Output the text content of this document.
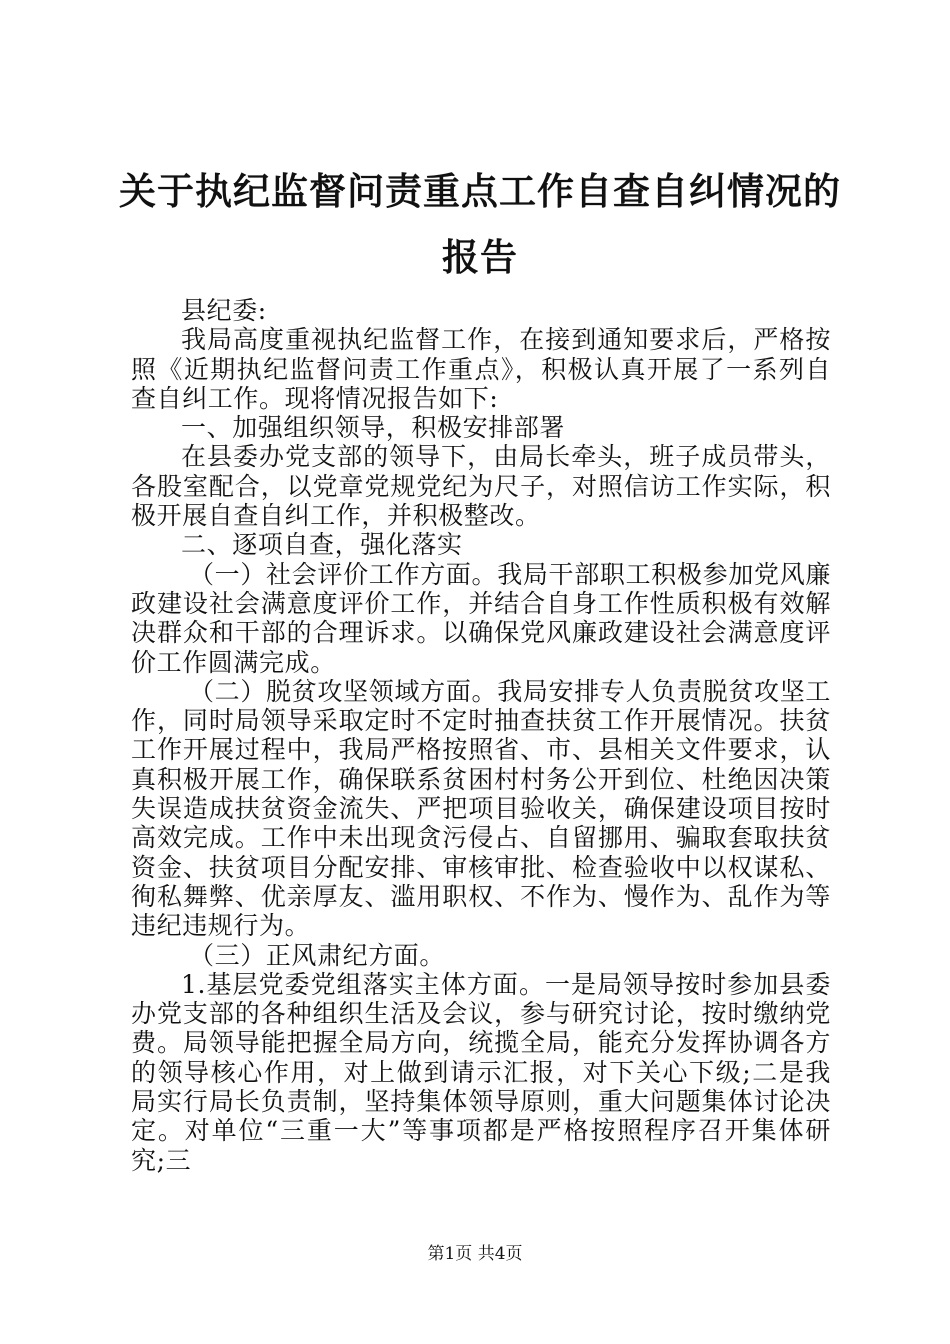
关于执纪监督问责重点工作自查自纠情况的报告

县纪委:

我局高度重视执纪监督工作，在接到通知要求后，严格按照《近期执纪监督问责工作重点》，积极认真开展了一系列自查自纠工作。现将情况报告如下:

一、加强组织领导，积极安排部署

在县委办党支部的领导下，由局长牵头，班子成员带头，各股室配合，以党章党规党纪为尺子，对照信访工作实际，积极开展自查自纠工作，并积极整改。

二、逐项自查，强化落实

（一）社会评价工作方面。我局干部职工积极参加党风廉政建设社会满意度评价工作，并结合自身工作性质积极有效解决群众和干部的合理诉求。以确保党风廉政建设社会满意度评价工作圆满完成。

（二）脱贫攻坚领域方面。我局安排专人负责脱贫攻坚工作，同时局领导采取定时不定时抽查扶贫工作开展情况。扶贫工作开展过程中，我局严格按照省、市、县相关文件要求，认真积极开展工作，确保联系贫困村村务公开到位、杜绝因决策失误造成扶贫资金流失、严把项目验收关，确保建设项目按时高效完成。工作中未出现贪污侵占、自留挪用、骗取套取扶贫资金、扶贫项目分配安排、审核审批、检查验收中以权谋私、徇私舞弊、优亲厚友、滥用职权、不作为、慢作为、乱作为等违纪违规行为。

（三）正风肃纪方面。

1.基层党委党组落实主体方面。一是局领导按时参加县委办党支部的各种组织生活及会议，参与研究讨论，按时缴纳党费。局领导能把握全局方向，统揽全局，能充分发挥协调各方的领导核心作用，对上做到请示汇报，对下关心下级;二是我局实行局长负责制，坚持集体领导原则，重大问题集体讨论决定。对单位“三重一大”等事项都是严格按照程序召开集体研究;三

第1页 共4页
